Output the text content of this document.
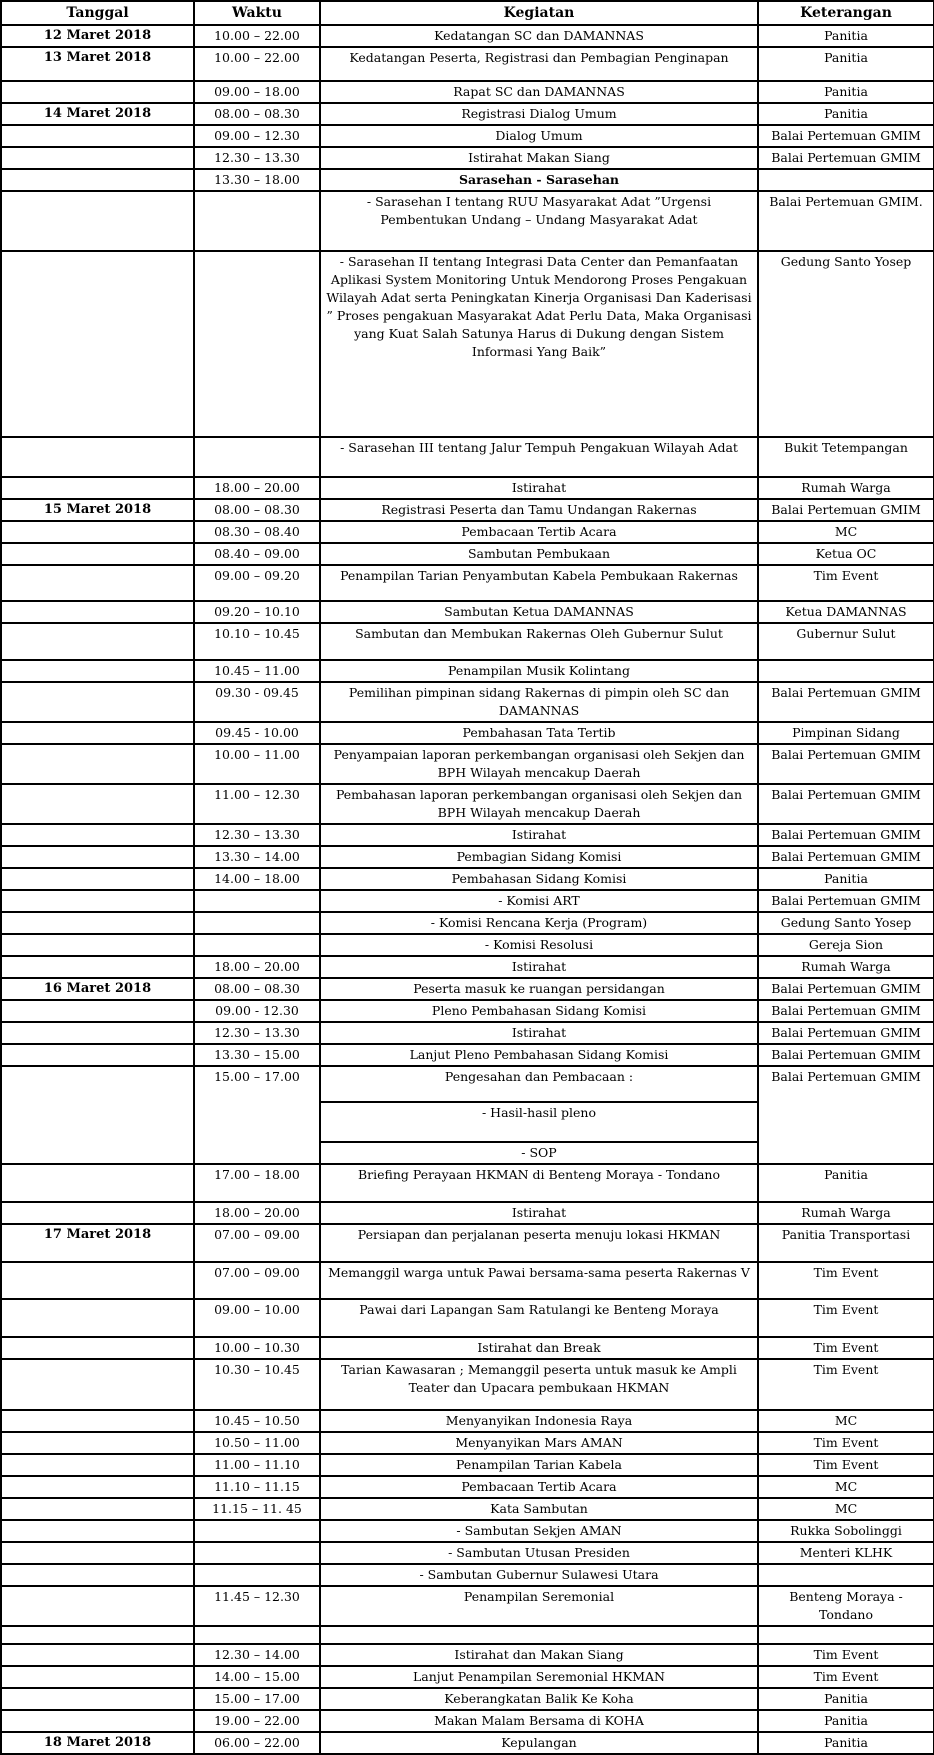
Tanggal	Waktu	Kegiatan	Keterangan
12 Maret 2018	10.00 – 22.00	Kedatangan SC dan DAMANNAS	Panitia
13 Maret 2018	10.00 – 22.00	Kedatangan Peserta, Registrasi dan Pembagian Penginapan	Panitia
	09.00 – 18.00	Rapat SC dan DAMANNAS	Panitia
14 Maret 2018	08.00 – 08.30	Registrasi Dialog Umum	Panitia
	09.00 – 12.30	Dialog Umum	Balai Pertemuan GMIM
	12.30 – 13.30	Istirahat Makan Siang	Balai Pertemuan GMIM
	13.30 – 18.00	Sarasehan - Sarasehan	
		- Sarasehan I tentang RUU Masyarakat Adat ”Urgensi Pembentukan Undang – Undang Masyarakat Adat	Balai Pertemuan GMIM.
		- Sarasehan II tentang Integrasi Data Center dan Pemanfaatan Aplikasi System Monitoring Untuk Mendorong Proses Pengakuan Wilayah Adat serta Peningkatan Kinerja Organisasi Dan Kaderisasi ” Proses pengakuan Masyarakat Adat Perlu Data, Maka Organisasi yang Kuat Salah Satunya Harus di Dukung dengan Sistem Informasi Yang Baik”	Gedung Santo Yosep
		- Sarasehan III tentang Jalur Tempuh Pengakuan Wilayah Adat	Bukit Tetempangan
	18.00 – 20.00	Istirahat	Rumah Warga
15 Maret 2018	08.00 – 08.30	Registrasi Peserta dan Tamu Undangan Rakernas	Balai Pertemuan GMIM
	08.30 – 08.40	Pembacaan Tertib Acara	MC
	08.40 – 09.00	Sambutan Pembukaan	Ketua OC
	09.00 – 09.20	Penampilan Tarian Penyambutan Kabela Pembukaan Rakernas	Tim Event
	09.20 – 10.10	Sambutan Ketua DAMANNAS	Ketua DAMANNAS
	10.10 – 10.45	Sambutan dan Membukan Rakernas Oleh Gubernur Sulut	Gubernur Sulut
	10.45 – 11.00	Penampilan Musik Kolintang	
	09.30 - 09.45	Pemilihan pimpinan sidang Rakernas di pimpin oleh SC dan DAMANNAS	Balai Pertemuan GMIM
	09.45 - 10.00	Pembahasan Tata Tertib	Pimpinan Sidang
	10.00 – 11.00	Penyampaian laporan perkembangan organisasi oleh Sekjen dan BPH Wilayah mencakup Daerah	Balai Pertemuan GMIM
	11.00 – 12.30	Pembahasan laporan perkembangan organisasi oleh Sekjen dan BPH Wilayah mencakup Daerah	Balai Pertemuan GMIM
	12.30 – 13.30	Istirahat	Balai Pertemuan GMIM
	13.30 – 14.00	Pembagian Sidang Komisi	Balai Pertemuan GMIM
	14.00 – 18.00	Pembahasan Sidang Komisi	Panitia
		- Komisi ART	Balai Pertemuan GMIM
		- Komisi Rencana Kerja (Program)	Gedung Santo Yosep
		- Komisi Resolusi	Gereja Sion
	18.00 – 20.00	Istirahat	Rumah Warga
16 Maret 2018	08.00 – 08.30	Peserta masuk ke ruangan persidangan	Balai Pertemuan GMIM
	09.00 - 12.30	Pleno Pembahasan Sidang Komisi	Balai Pertemuan GMIM
	12.30 – 13.30	Istirahat	Balai Pertemuan GMIM
	13.30 – 15.00	Lanjut Pleno Pembahasan Sidang Komisi	Balai Pertemuan GMIM
	15.00 – 17.00	Pengesahan dan Pembacaan :	Balai Pertemuan GMIM
		- Hasil-hasil pleno	
		- SOP	
	17.00 – 18.00	Briefing Perayaan HKMAN di Benteng Moraya - Tondano	Panitia
	18.00 – 20.00	Istirahat	Rumah Warga
17 Maret 2018	07.00 – 09.00	Persiapan dan perjalanan peserta menuju lokasi HKMAN	Panitia Transportasi
	07.00 – 09.00	Memanggil warga untuk Pawai bersama-sama peserta Rakernas V	Tim Event
	09.00 – 10.00	Pawai dari Lapangan Sam Ratulangi ke Benteng Moraya	Tim Event
	10.00 – 10.30	Istirahat dan Break	Tim Event
	10.30 – 10.45	Tarian Kawasaran ; Memanggil peserta untuk masuk ke Ampli Teater dan Upacara pembukaan HKMAN	Tim Event
	10.45 – 10.50	Menyanyikan Indonesia Raya	MC
	10.50 – 11.00	Menyanyikan Mars AMAN	Tim Event
	11.00 – 11.10	Penampilan Tarian Kabela	Tim Event
	11.10 – 11.15	Pembacaan Tertib Acara	MC
	11.15 – 11. 45	Kata Sambutan	MC
		- Sambutan Sekjen AMAN	Rukka Sobolinggi
		- Sambutan Utusan Presiden	Menteri KLHK
		- Sambutan Gubernur Sulawesi Utara	
	11.45 – 12.30	Penampilan Seremonial	Benteng Moraya - Tondano

	12.30 – 14.00	Istirahat dan Makan Siang	Tim Event
	14.00 – 15.00	Lanjut Penampilan Seremonial HKMAN	Tim Event
	15.00 – 17.00	Keberangkatan Balik Ke Koha	Panitia
	19.00 – 22.00	Makan Malam Bersama di KOHA	Panitia
18 Maret 2018	06.00 – 22.00	Kepulangan	Panitia
